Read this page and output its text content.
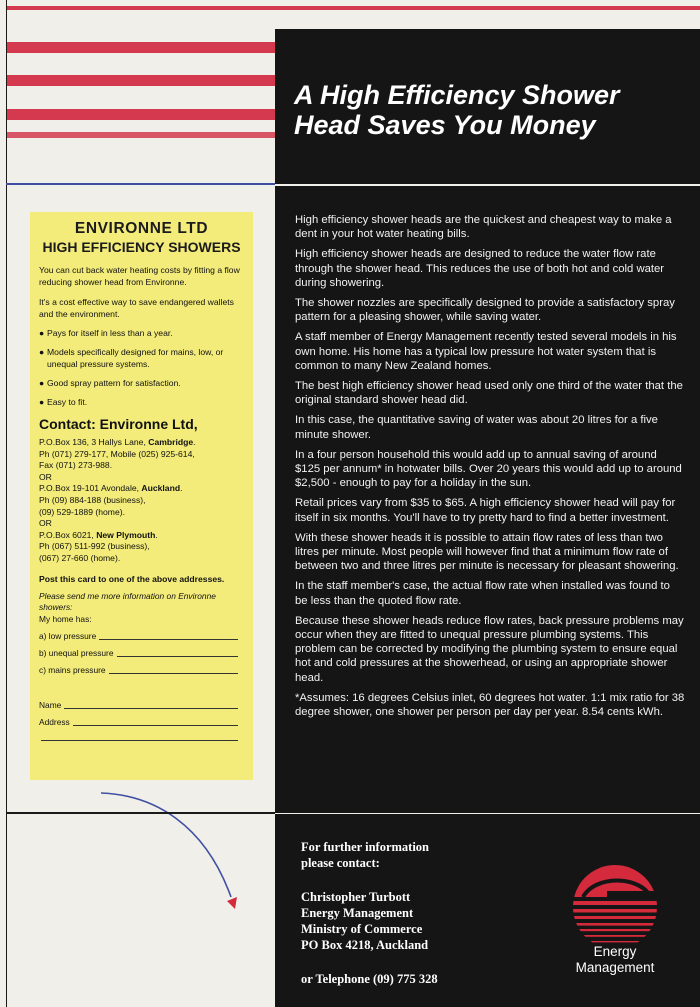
A High Efficiency Shower
Head Saves You Money

High efficiency shower heads are the quickest and cheapest way to make a dent in your hot water heating bills.

High efficiency shower heads are designed to reduce the water flow rate through the shower head. This reduces the use of both hot and cold water during showering.

The shower nozzles are specifically designed to provide a satisfactory spray pattern for a pleasing shower, while saving water.

A staff member of Energy Management recently tested several models in his own home. His home has a typical low pressure hot water system that is common to many New Zealand homes.

The best high efficiency shower head used only one third of the water that the original standard shower head did.

In this case, the quantitative saving of water was about 20 litres for a five minute shower.

In a four person household this would add up to annual saving of around $125 per annum* in hotwater bills. Over 20 years this would add up to around $2,500 - enough to pay for a holiday in the sun.

Retail prices vary from $35 to $65. A high efficiency shower head will pay for itself in six months. You'll have to try pretty hard to find a better investment.

With these shower heads it is possible to attain flow rates of less than two litres per minute. Most people will however find that a minimum flow rate of between two and three litres per minute is necessary for pleasant showering.

In the staff member's case, the actual flow rate when installed was found to be less than the quoted flow rate.

Because these shower heads reduce flow rates, back pressure problems may occur when they are fitted to unequal pressure plumbing systems. This problem can be corrected by modifying the plumbing system to ensure equal hot and cold pressures at the showerhead, or using an appropriate shower head.

*Assumes: 16 degrees Celsius inlet, 60 degrees hot water. 1:1 mix ratio for 38 degree shower, one shower per person per day per year. 8.54 cents kWh.

ENVIRONNE LTD
HIGH EFFICIENCY SHOWERS
You can cut back water heating costs by fitting a flow reducing shower head from Environne.
It's a cost effective way to save endangered wallets and the environment.
● Pays for itself in less than a year.
● Models specifically designed for mains, low, or unequal pressure systems.
● Good spray pattern for satisfaction.
● Easy to fit.
Contact: Environne Ltd,
P.O.Box 136, 3 Hallys Lane, Cambridge.
Ph (071) 279-177, Mobile (025) 925-614,
Fax (071) 273-988.
OR
P.O.Box 19-101 Avondale, Auckland.
Ph (09) 884-188 (business),
(09) 529-1889 (home).
OR
P.O.Box 6021, New Plymouth.
Ph (067) 511-992 (business),
(067) 27-660 (home).
Post this card to one of the above addresses.
Please send me more information on Environne showers:
My home has:
a) low pressure
b) unequal pressure
c) mains pressure
Name
Address
For further information
please contact:
Christopher Turbott
Energy Management
Ministry of Commerce
PO Box 4218, Auckland
or Telephone (09) 775 328
Energy
Management
